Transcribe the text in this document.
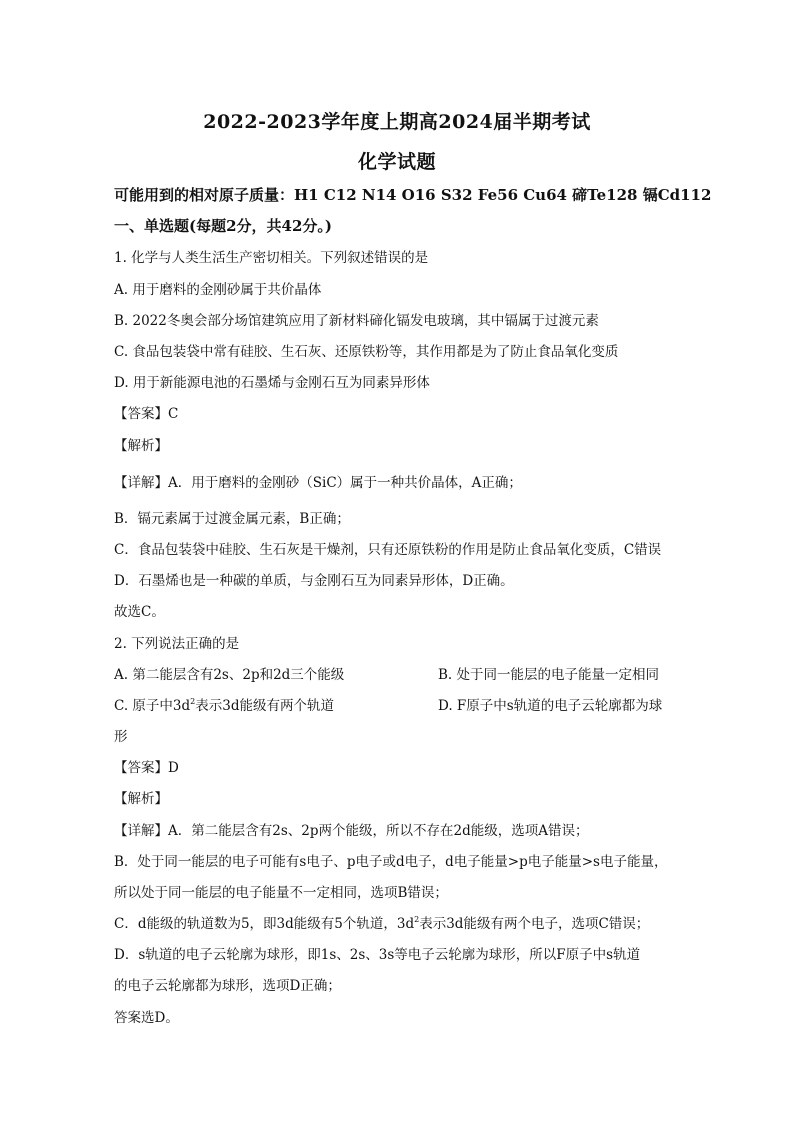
2022-2023学年度上期高2024届半期考试
化学试题
可能用到的相对原子质量：H1 C12 N14 O16 S32 Fe56 Cu64 碲Te128 镉Cd112
一、单选题(每题2分，共42分。)
1. 化学与人类生活生产密切相关。下列叙述错误的是
A. 用于磨料的金刚砂属于共价晶体
B. 2022冬奥会部分场馆建筑应用了新材料碲化镉发电玻璃，其中镉属于过渡元素
C. 食品包装袋中常有硅胶、生石灰、还原铁粉等，其作用都是为了防止食品氧化变质
D. 用于新能源电池的石墨烯与金刚石互为同素异形体
【答案】C
【解析】
【详解】A．用于磨料的金刚砂（SiC）属于一种共价晶体，A正确；
B．镉元素属于过渡金属元素，B正确；
C．食品包装袋中硅胶、生石灰是干燥剂，只有还原铁粉的作用是防止食品氧化变质，C错误
D．石墨烯也是一种碳的单质，与金刚石互为同素异形体，D正确。
故选C。
2. 下列说法正确的是
A. 第二能层含有2s、2p和2d三个能级	B. 处于同一能层的电子能量一定相同
C. 原子中$3d^2$表示3d能级有两个轨道	D. F原子中s轨道的电子云轮廓都为球
形
【答案】D
【解析】
【详解】A．第二能层含有2s、2p两个能级，所以不存在2d能级，选项A错误；
B．处于同一能层的电子可能有s电子、p电子或d电子，d电子能量>p电子能量>s电子能量，
所以处于同一能层的电子能量不一定相同，选项B错误；
C．d能级的轨道数为5，即3d能级有5个轨道，$3d^2$表示3d能级有两个电子，选项C错误；
D．s轨道的电子云轮廓为球形，即1s、2s、3s等电子云轮廓为球形，所以F原子中s轨道
的电子云轮廓都为球形，选项D正确；
答案选D。
